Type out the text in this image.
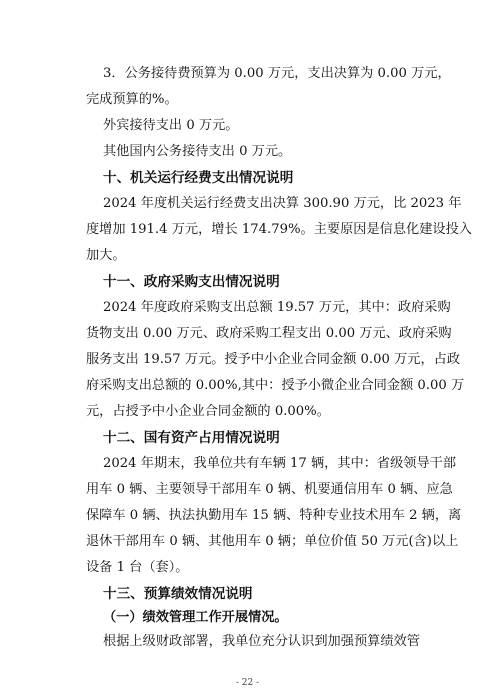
3．公务接待费预算为 0.00 万元，支出决算为 0.00 万元，
完成预算的%。
外宾接待支出 0 万元。
其他国内公务接待支出 0 万元。
十、机关运行经费支出情况说明
2024 年度机关运行经费支出决算 300.90 万元，比 2023 年
度增加 191.4 万元，增长 174.79%。主要原因是信息化建设投入
加大。
十一、政府采购支出情况说明
2024 年度政府采购支出总额 19.57 万元，其中：政府采购
货物支出 0.00 万元、政府采购工程支出 0.00 万元、政府采购
服务支出 19.57 万元。授予中小企业合同金额 0.00 万元，占政
府采购支出总额的 0.00%,其中：授予小微企业合同金额 0.00 万
元，占授予中小企业合同金额的 0.00%。
十二、国有资产占用情况说明
2024 年期末，我单位共有车辆 17 辆，其中：省级领导干部
用车 0 辆、主要领导干部用车 0 辆、机要通信用车 0 辆、应急
保障车 0 辆、执法执勤用车 15 辆、特种专业技术用车 2 辆，离
退休干部用车 0 辆、其他用车 0 辆；单位价值 50 万元(含)以上
设备 1 台（套）。
十三、预算绩效情况说明
（一）绩效管理工作开展情况。
根据上级财政部署，我单位充分认识到加强预算绩效管
- 22 -
